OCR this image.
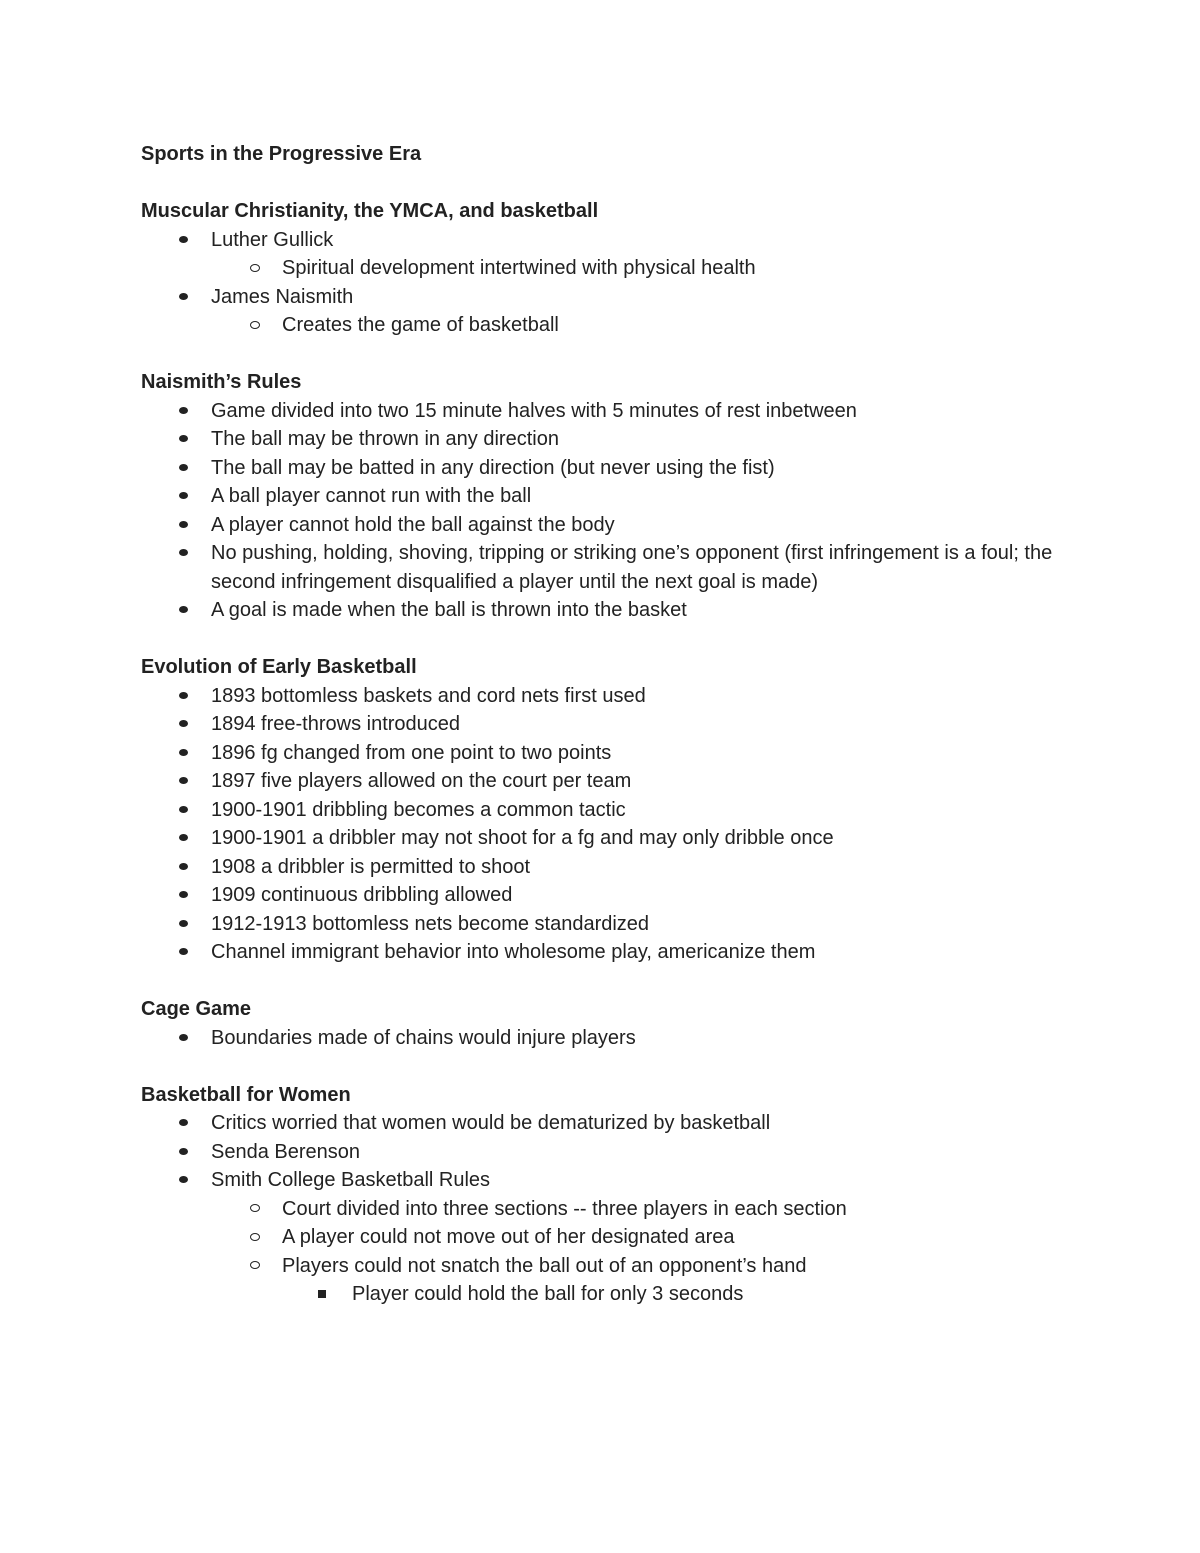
Sports in the Progressive Era

Muscular Christianity, the YMCA, and basketball

Luther Gullick
Spiritual development intertwined with physical health
James Naismith
Creates the game of basketball

Naismith’s Rules

Game divided into two 15 minute halves with 5 minutes of rest inbetween
The ball may be thrown in any direction
The ball may be batted in any direction (but never using the fist)
A ball player cannot run with the ball
A player cannot hold the ball against the body
No pushing, holding, shoving, tripping or striking one’s opponent (first infringement is a foul; the second infringement disqualified a player until the next goal is made)
A goal is made when the ball is thrown into the basket

Evolution of Early Basketball

1893 bottomless baskets and cord nets first used
1894 free-throws introduced
1896 fg changed from one point to two points
1897 five players allowed on the court per team
1900-1901 dribbling becomes a common tactic
1900-1901 a dribbler may not shoot for a fg and may only dribble once
1908 a dribbler is permitted to shoot
1909 continuous dribbling allowed
1912-1913 bottomless nets become standardized
Channel immigrant behavior into wholesome play, americanize them

Cage Game

Boundaries made of chains would injure players

Basketball for Women

Critics worried that women would be dematurized by basketball
Senda Berenson
Smith College Basketball Rules
Court divided into three sections -- three players in each section
A player could not move out of her designated area
Players could not snatch the ball out of an opponent’s hand
Player could hold the ball for only 3 seconds
